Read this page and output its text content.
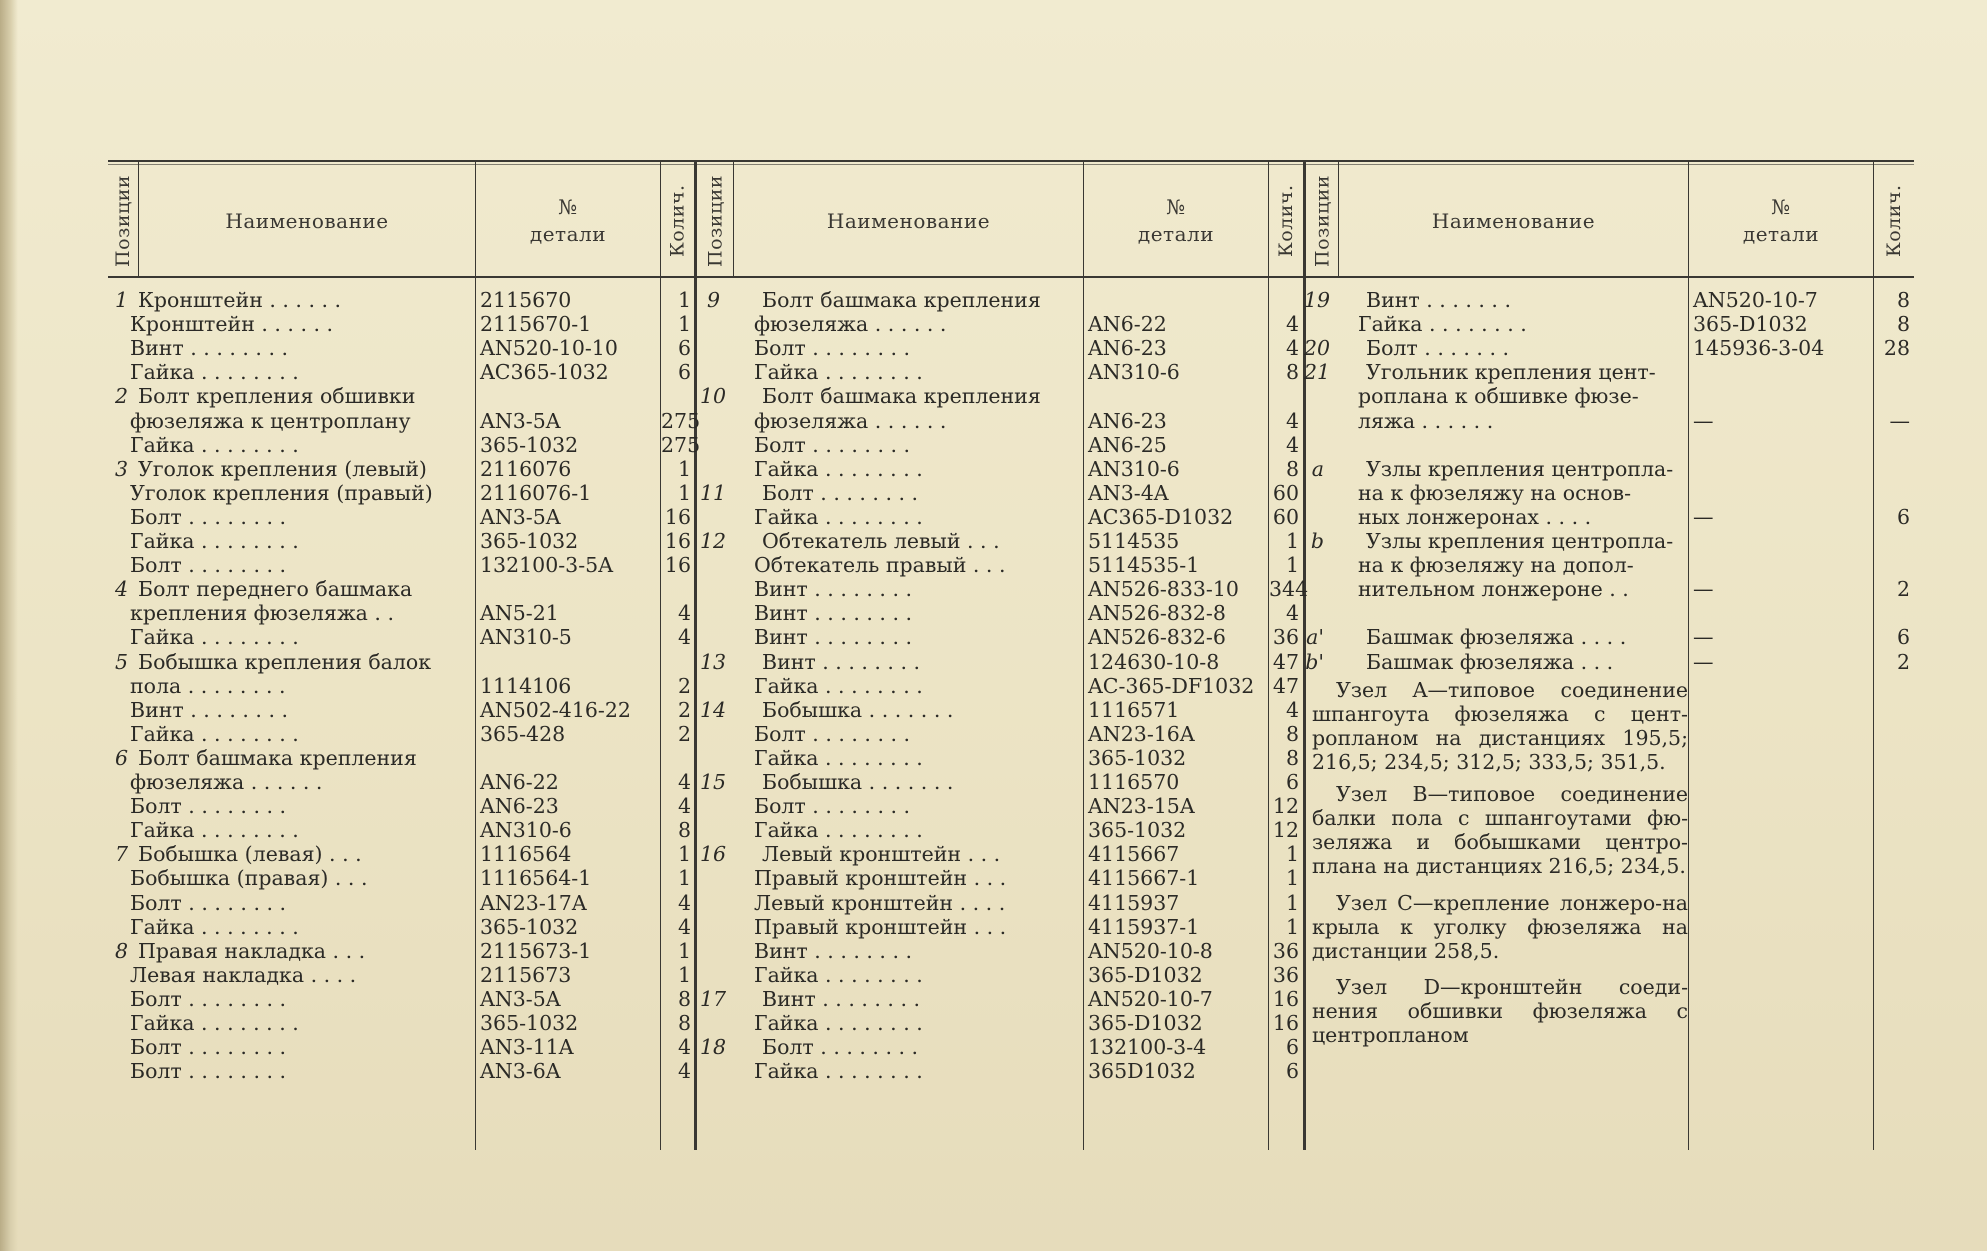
Позиции	Наименование
№
детали	Колич. Позиции	Наименование
№
детали	Колич. Позиции	Наименование
№
детали	Колич.
1 Кронштейн . . . . . .	2115670	1
Кронштейн . . . . . .	2115670-1	1
Винт . . . . . . . .	AN520-10-10	6
Гайка . . . . . . . .	AC365-1032	6
2 Болт крепления обшивки
фюзеляжа к центроплану	AN3-5A	275
Гайка . . . . . . . .	365-1032	275
3 Уголок крепления (левый)	2116076	1
Уголок крепления (правый)	2116076-1	1
Болт . . . . . . . .	AN3-5A	16
Гайка . . . . . . . .	365-1032	16
Болт . . . . . . . .	132100-3-5A	16
4 Болт переднего башмака
крепления фюзеляжа . .	AN5-21	4
Гайка . . . . . . . .	AN310-5	4
5 Бобышка крепления балок
пола . . . . . . . .	1114106	2
Винт . . . . . . . .	AN502-416-22	2
Гайка . . . . . . . .	365-428	2
6 Болт башмака крепления
фюзеляжа . . . . . .	AN6-22	4
Болт . . . . . . . .	AN6-23	4
Гайка . . . . . . . .	AN310-6	8
7 Бобышка (левая) . . .	1116564	1
Бобышка (правая) . . .	1116564-1	1
Болт . . . . . . . .	AN23-17A	4
Гайка . . . . . . . .	365-1032	4
8 Правая накладка . . .	2115673-1	1
Левая накладка . . . .	2115673	1
Болт . . . . . . . .	AN3-5A	8
Гайка . . . . . . . .	365-1032	8
Болт . . . . . . . .	AN3-11A	4
Болт . . . . . . . .	AN3-6A	4
9 Болт башмака крепления
фюзеляжа . . . . . .	AN6-22	4
Болт . . . . . . . .	AN6-23	4
Гайка . . . . . . . .	AN310-6	8
10 Болт башмака крепления
фюзеляжа . . . . . .	AN6-23	4
Болт . . . . . . . .	AN6-25	4
Гайка . . . . . . . .	AN310-6	8
11 Болт . . . . . . . .	AN3-4A	60
Гайка . . . . . . . .	AC365-D1032 60
12 Обтекатель левый . . .	5114535	1
Обтекатель правый . . .	5114535-1	1
Винт . . . . . . . .	AN526-833-10 344
Винт . . . . . . . .	AN526-832-8	4
Винт . . . . . . . .	AN526-832-6 36
13 Винт . . . . . . . .	124630-10-8	47
Гайка . . . . . . . .	AC-365-DF1032 47
14 Бобышка . . . . . . .	1116571	4
Болт . . . . . . . .	AN23-16A	8
Гайка . . . . . . . .	365-1032	8
15 Бобышка . . . . . . .	1116570	6
Болт . . . . . . . .	AN23-15A	12
Гайка . . . . . . . .	365-1032	12
16 Левый кронштейн . . .	4115667	1
Правый кронштейн . . .	4115667-1	1
Левый кронштейн . . . .	4115937	1
Правый кронштейн . . .	4115937-1	1
Винт . . . . . . . .	AN520-10-8	36
Гайка . . . . . . . .	365-D1032	36
17 Винт . . . . . . . .	AN520-10-7	16
Гайка . . . . . . . .	365-D1032	16
18 Болт . . . . . . . .	132100-3-4	6
Гайка . . . . . . . .	365D1032	6
19 Винт . . . . . . .	AN520-10-7	8
Гайка . . . . . . . .	365-D1032	8
20 Болт . . . . . . .	145936-3-04	28
21 Угольник крепления цент-
роплана к обшивке фюзе-
ляжа . . . . . .	—	—
a Узлы крепления центропла-
на к фюзеляжу на основ-
ных лонжеронах . . . .	—	6
b Узлы крепления центропла-
на к фюзеляжу на допол-
нительном лонжероне . .	—	2
a' Башмак фюзеляжа . . . .	—	6
b' Башмак фюзеляжа . . .	—	2
Узел A—типовое соединение шпангоута фюзеляжа с цент-ропланом на дистанциях 195,5; 216,5; 234,5; 312,5; 333,5; 351,5.
Узел B—типовое соединение балки пола с шпангоутами фю-зеляжа и бобышками центро-плана на дистанциях 216,5; 234,5.
Узел C—крепление лонжеро-на крыла к уголку фюзеляжа на дистанции 258,5.
Узел D—кронштейн соеди-нения обшивки фюзеляжа с центропланом
